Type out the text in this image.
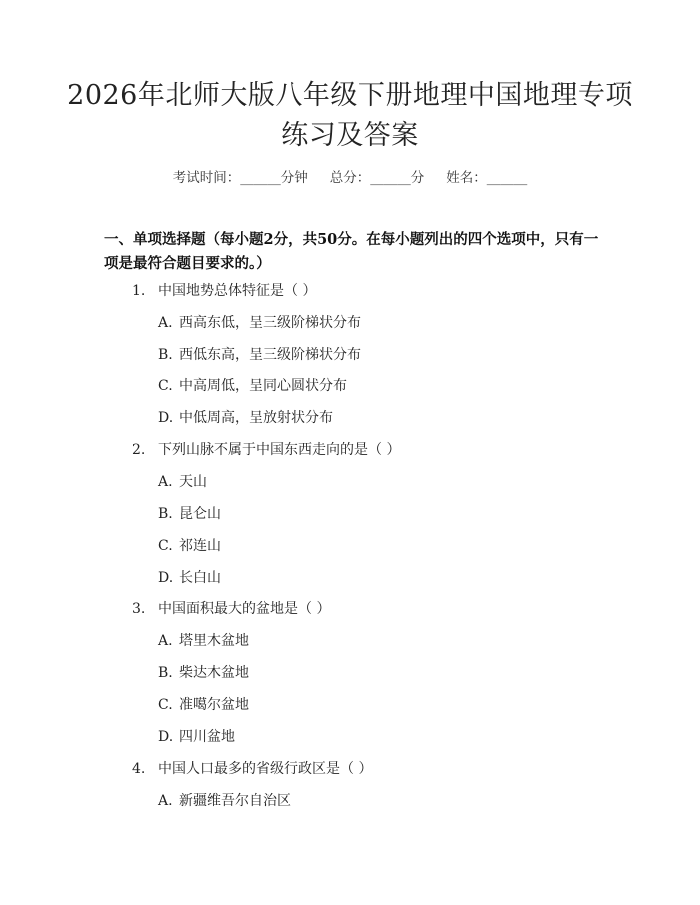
2026年北师大版八年级下册地理中国地理专项练习及答案
考试时间：______分钟 总分：______分 姓名：______
一、单项选择题（每小题2分，共50分。在每小题列出的四个选项中，只有一项是最符合题目要求的。）
1. 中国地势总体特征是（ ）
A. 西高东低，呈三级阶梯状分布
B. 西低东高，呈三级阶梯状分布
C. 中高周低，呈同心圆状分布
D. 中低周高，呈放射状分布
2. 下列山脉不属于中国东西走向的是（ ）
A. 天山
B. 昆仑山
C. 祁连山
D. 长白山
3. 中国面积最大的盆地是（ ）
A. 塔里木盆地
B. 柴达木盆地
C. 准噶尔盆地
D. 四川盆地
4. 中国人口最多的省级行政区是（ ）
A. 新疆维吾尔自治区
